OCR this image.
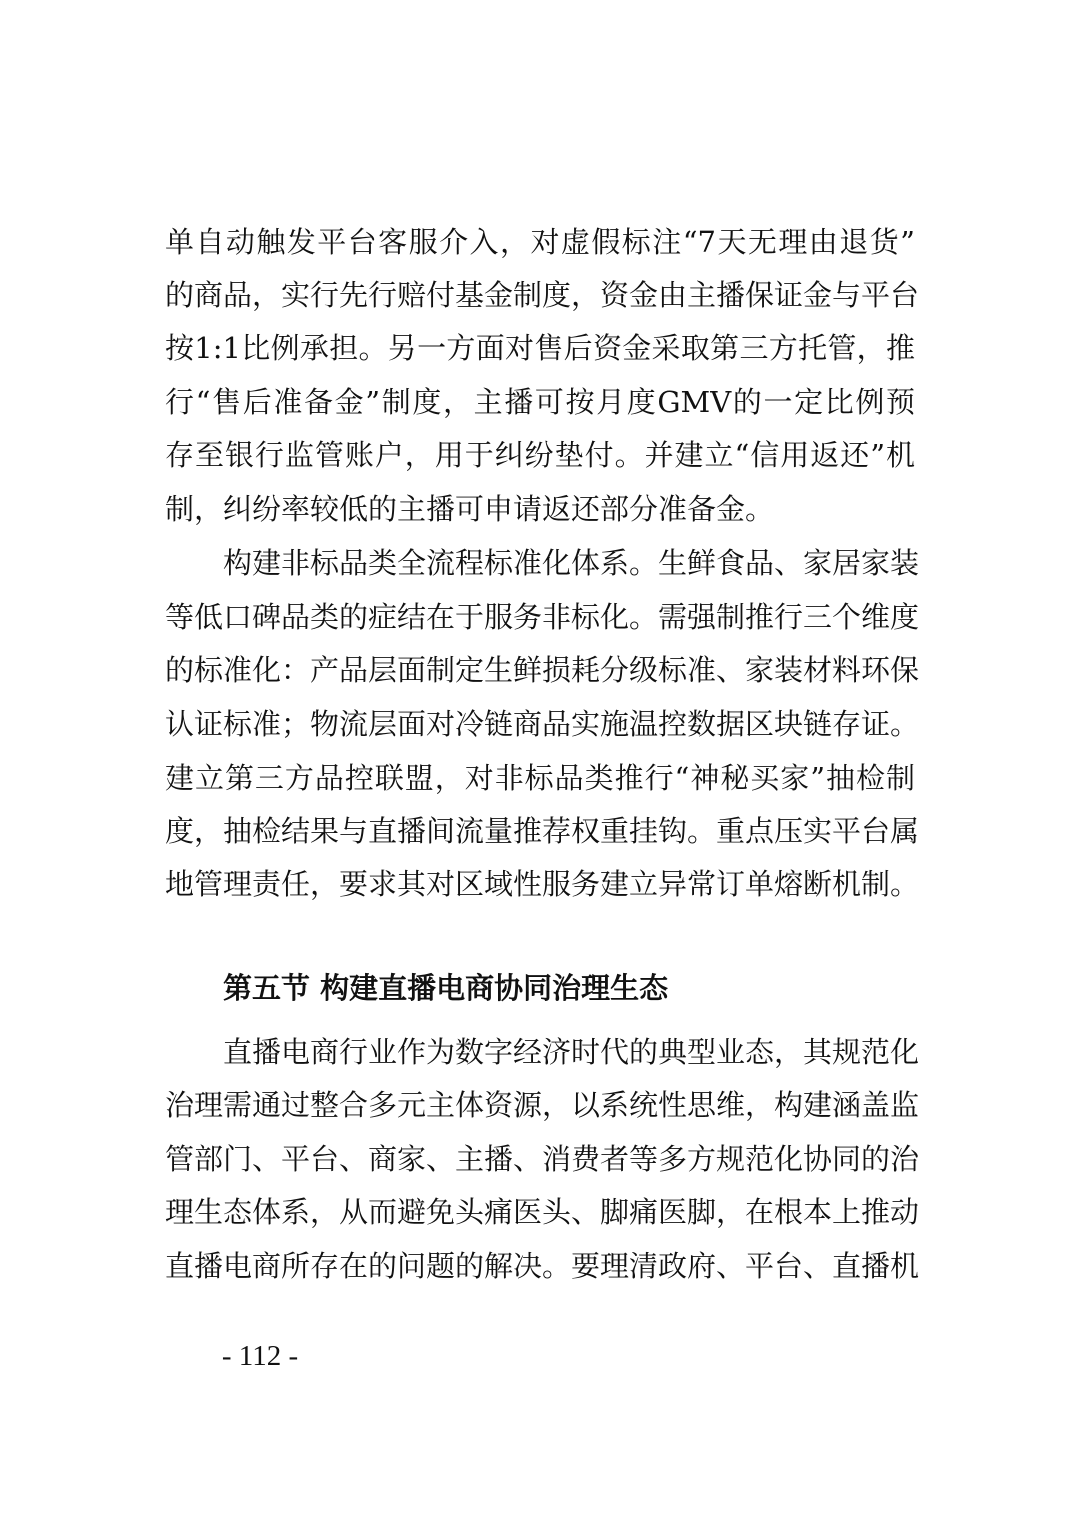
单自动触发平台客服介入，对虚假标注“7天无理由退货”
的商品，实行先行赔付基金制度，资金由主播保证金与平台
按1:1比例承担。另一方面对售后资金采取第三方托管，推
行“售后准备金”制度，主播可按月度GMV的一定比例预
存至银行监管账户，用于纠纷垫付。并建立“信用返还”机
制，纠纷率较低的主播可申请返还部分准备金。
构建非标品类全流程标准化体系。生鲜食品、家居家装
等低口碑品类的症结在于服务非标化。需强制推行三个维度
的标准化：产品层面制定生鲜损耗分级标准、家装材料环保
认证标准；物流层面对冷链商品实施温控数据区块链存证。
建立第三方品控联盟，对非标品类推行“神秘买家”抽检制
度，抽检结果与直播间流量推荐权重挂钩。重点压实平台属
地管理责任，要求其对区域性服务建立异常订单熔断机制。
第五节 构建直播电商协同治理生态
直播电商行业作为数字经济时代的典型业态，其规范化
治理需通过整合多元主体资源，以系统性思维，构建涵盖监
管部门、平台、商家、主播、消费者等多方规范化协同的治
理生态体系，从而避免头痛医头、脚痛医脚，在根本上推动
直播电商所存在的问题的解决。要理清政府、平台、直播机
- 112 -
